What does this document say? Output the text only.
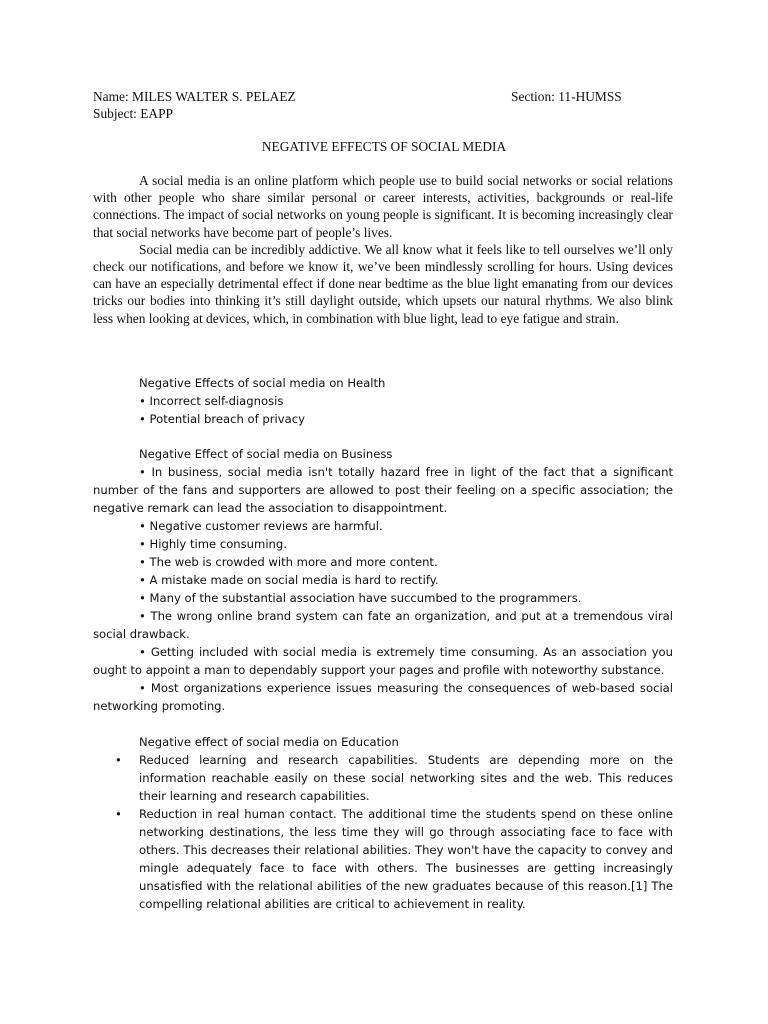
Name: MILES WALTER S. PELAEZ	Section: 11-HUMSS
Subject: EAPP
NEGATIVE EFFECTS OF SOCIAL MEDIA

A social media is an online platform which people use to build social networks or social relations with other people who share similar personal or career interests, activities, backgrounds or real-life connections. The impact of social networks on young people is significant. It is becoming increasingly clear that social networks have become part of people’s lives.

Social media can be incredibly addictive. We all know what it feels like to tell ourselves we’ll only check our notifications, and before we know it, we’ve been mindlessly scrolling for hours. Using devices can have an especially detrimental effect if done near bedtime as the blue light emanating from our devices tricks our bodies into thinking it’s still daylight outside, which upsets our natural rhythms. We also blink less when looking at devices, which, in combination with blue light, lead to eye fatigue and strain.

Negative Effects of social media on Health
• Incorrect self-diagnosis
• Potential breach of privacy
Negative Effect of social media on Business
• In business, social media isn't totally hazard free in light of the fact that a significant number of the fans and supporters are allowed to post their feeling on a specific association; the negative remark can lead the association to disappointment.
• Negative customer reviews are harmful.
• Highly time consuming.
• The web is crowded with more and more content.
• A mistake made on social media is hard to rectify.
• Many of the substantial association have succumbed to the programmers.
• The wrong online brand system can fate an organization, and put at a tremendous viral social drawback.
• Getting included with social media is extremely time consuming. As an association you ought to appoint a man to dependably support your pages and profile with noteworthy substance.
• Most organizations experience issues measuring the consequences of web-based social networking promoting.
Negative effect of social media on Education
• Reduced learning and research capabilities. Students are depending more on the information reachable easily on these social networking sites and the web. This reduces their learning and research capabilities.
• Reduction in real human contact. The additional time the students spend on these online networking destinations, the less time they will go through associating face to face with others. This decreases their relational abilities. They won't have the capacity to convey and mingle adequately face to face with others. The businesses are getting increasingly unsatisfied with the relational abilities of the new graduates because of this reason.[1] The compelling relational abilities are critical to achievement in reality.
